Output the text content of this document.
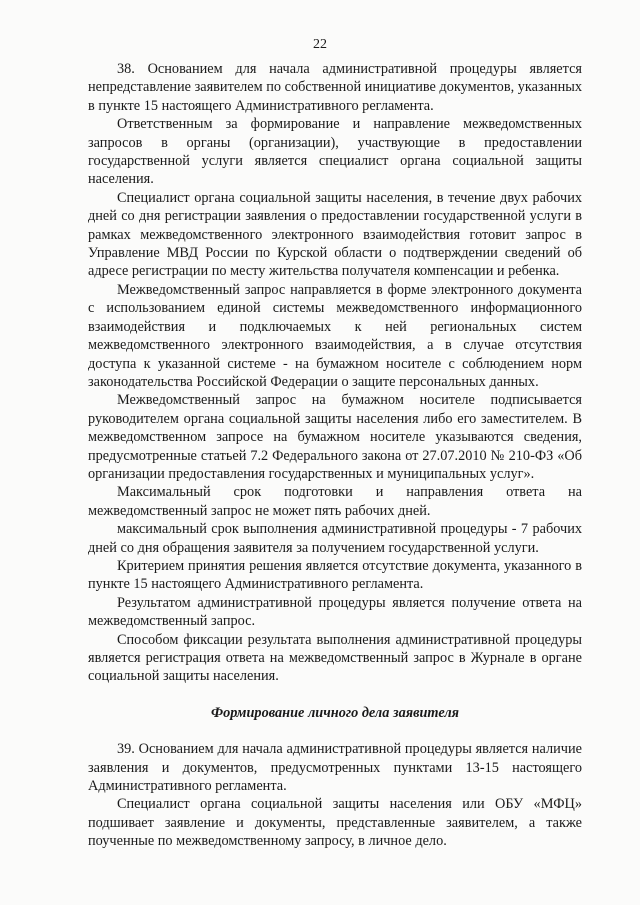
22

38. Основанием для начала административной процедуры является непредставление заявителем по собственной инициативе документов, указанных в пункте 15 настоящего Административного регламента.

Ответственным за формирование и направление межведомственных запросов в органы (организации), участвующие в предоставлении государственной услуги является специалист органа социальной защиты населения.

Специалист органа социальной защиты населения, в течение двух рабочих дней со дня регистрации заявления о предоставлении государственной услуги в рамках межведомственного электронного взаимодействия готовит запрос в Управление МВД России по Курской области о подтверждении сведений об адресе регистрации по месту жительства получателя компенсации и ребенка.

Межведомственный запрос направляется в форме электронного документа с использованием единой системы межведомственного информационного взаимодействия и подключаемых к ней региональных систем межведомственного электронного взаимодействия, а в случае отсутствия доступа к указанной системе - на бумажном носителе с соблюдением норм законодательства Российской Федерации о защите персональных данных.

Межведомственный запрос на бумажном носителе подписывается руководителем органа социальной защиты населения либо его заместителем. В межведомственном запросе на бумажном носителе указываются сведения, предусмотренные статьей 7.2 Федерального закона от 27.07.2010 № 210-ФЗ «Об организации предоставления государственных и муниципальных услуг».

Максимальный срок подготовки и направления ответа на межведомственный запрос не может пять рабочих дней.

максимальный срок выполнения административной процедуры - 7 рабочих дней со дня обращения заявителя за получением государственной услуги.

Критерием принятия решения является отсутствие документа, указанного в пункте 15 настоящего Административного регламента.

Результатом административной процедуры является получение ответа на межведомственный запрос.

Способом фиксации результата выполнения административной процедуры является регистрация ответа на межведомственный запрос в Журнале в органе социальной защиты населения.

Формирование личного дела заявителя

39. Основанием для начала административной процедуры является наличие заявления и документов, предусмотренных пунктами 13-15 настоящего Административного регламента.

Специалист органа социальной защиты населения или ОБУ «МФЦ» подшивает заявление и документы, представленные заявителем, а также поученные по межведомственному запросу, в личное дело.
